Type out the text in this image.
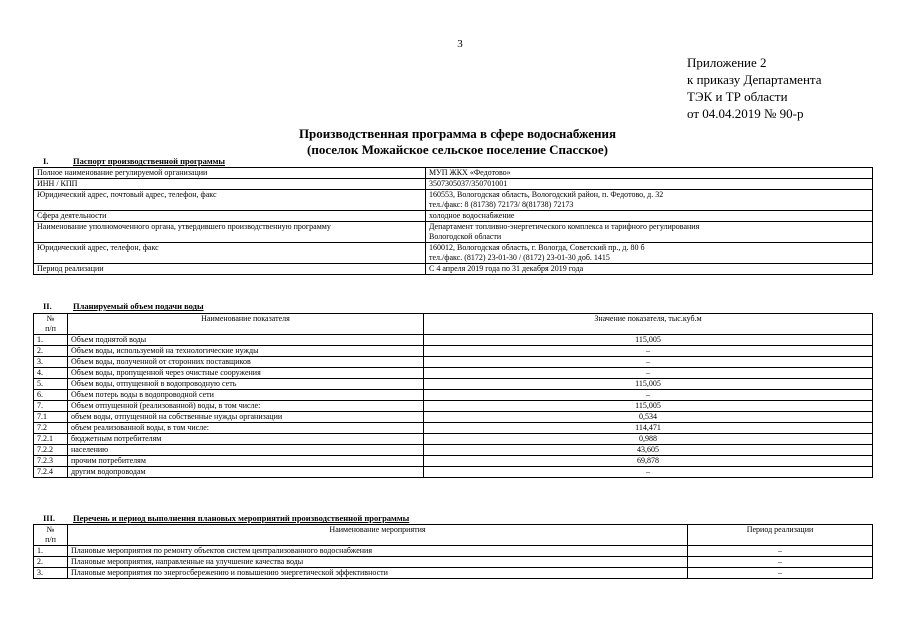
3
Приложение 2
к приказу Департамента
ТЭК и ТР области
от 04.04.2019 № 90-р
Производственная программа в сфере водоснабжения
(поселок Можайское сельское поселение Спасское)
I.	Паспорт производственной программы
Полное наименование регулируемой организации	МУП ЖКХ «Федотово»
ИНН / КПП	3507305037/350701001
Юридический адрес, почтовый адрес, телефон, факс	160553, Вологодская область, Вологодский район, п. Федотово, д. 32
тел./факс: 8 (81738) 72173/ 8(81738) 72173

Сфера деятельности	холодное водоснабжение
Наименование уполномоченного органа, утвердившего производственную программу	Департамент топливно-энергетического комплекса и тарифного регулирования
Вологодской области

Юридический адрес, телефон, факс	160012, Вологодская область, г. Вологда, Советский пр., д. 80 б
тел./факс. (8172) 23-01-30 / (8172) 23-01-30 доб. 1415

Период реализации	С 4 апреля 2019 года по 31 декабря 2019 года
II.	Планируемый объем подачи воды
№
п/п	Наименование показателя	Значение показателя, тыс.куб.м
1.	Объем поднятой воды	115,005
2.	Объем воды, используемой на технологические нужды	–
3.	Объем воды, полученной от сторонних поставщиков	–
4.	Объем воды, пропущенной через очистные сооружения	–
5.	Объем воды, отпущенной в водопроводную сеть	115,005
6.	Объем потерь воды в водопроводной сети	–
7.	Объем отпущенной (реализованной) воды, в том числе:	115,005
7.1	объем воды, отпущенной на собственные нужды организации	0,534
7.2	объем реализованной воды, в том числе:	114,471
7.2.1	бюджетным потребителям	0,988
7.2.2	населению	43,605
7.2.3	прочим потребителям	69,878
7.2.4	другим водопроводам	–
III. Перечень и период выполнения плановых мероприятий производственной программы
№
п/п	Наименование мероприятия	Период реализации
1.	Плановые мероприятия по ремонту объектов систем централизованного водоснабжения	–
2.	Плановые мероприятия, направленные на улучшение качества воды	–
3.	Плановые мероприятия по энергосбережению и повышению энергетической эффективности	–
